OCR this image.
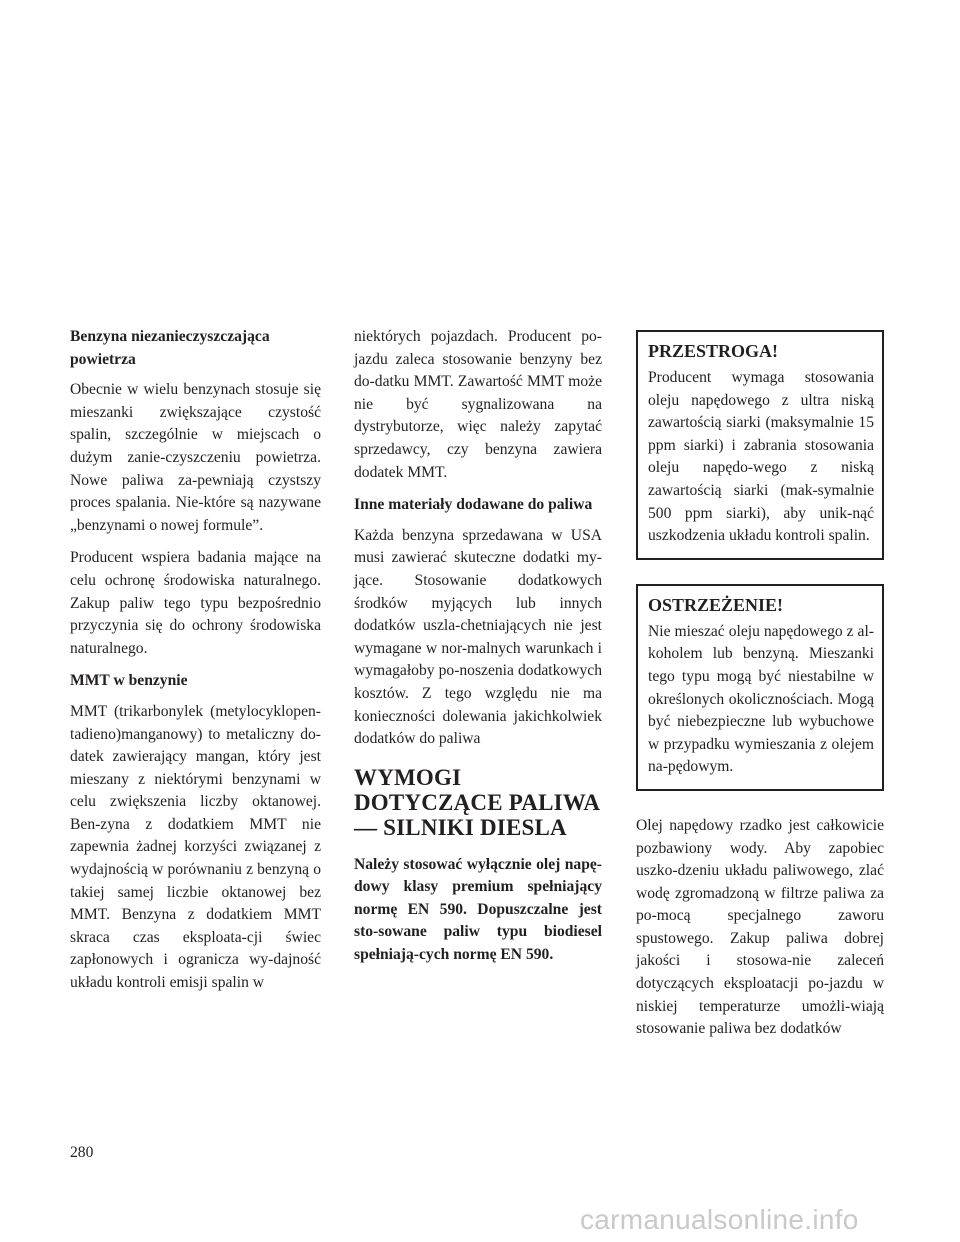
Benzyna niezanieczyszczająca powietrza

Obecnie w wielu benzynach stosuje się mieszanki zwiększające czystość spalin, szczególnie w miejscach o dużym zanie-czyszczeniu powietrza. Nowe paliwa za-pewniają czystszy proces spalania. Nie-które są nazywane „benzynami o nowej formule”.

Producent wspiera badania mające na celu ochronę środowiska naturalnego. Zakup paliw tego typu bezpośrednio przyczynia się do ochrony środowiska naturalnego.

MMT w benzynie

MMT (trikarbonylek (metylocyklopen-tadieno)manganowy) to metaliczny do-datek zawierający mangan, który jest mieszany z niektórymi benzynami w celu zwiększenia liczby oktanowej. Ben-zyna z dodatkiem MMT nie zapewnia żadnej korzyści związanej z wydajnością w porównaniu z benzyną o takiej samej liczbie oktanowej bez MMT. Benzyna z dodatkiem MMT skraca czas eksploata-cji świec zapłonowych i ogranicza wy-dajność układu kontroli emisji spalin w

niektórych pojazdach. Producent po-jazdu zaleca stosowanie benzyny bez do-datku MMT. Zawartość MMT może nie być sygnalizowana na dystrybutorze, więc należy zapytać sprzedawcy, czy benzyna zawiera dodatek MMT.

Inne materiały dodawane do paliwa

Każda benzyna sprzedawana w USA musi zawierać skuteczne dodatki my-jące. Stosowanie dodatkowych środków myjących lub innych dodatków uszla-chetniających nie jest wymagane w nor-malnych warunkach i wymagałoby po-noszenia dodatkowych kosztów. Z tego względu nie ma konieczności dolewania jakichkolwiek dodatków do paliwa

WYMOGI DOTYCZĄCE PALIWA — SILNIKI DIESLA

Należy stosować wyłącznie olej napę-dowy klasy premium spełniający normę EN 590. Dopuszczalne jest sto-sowane paliw typu biodiesel spełniają-cych normę EN 590.

PRZESTROGA!

Producent wymaga stosowania oleju napędowego z ultra niską zawartością siarki (maksymalnie 15 ppm siarki) i zabrania stosowania oleju napędo-wego z niską zawartością siarki (mak-symalnie 500 ppm siarki), aby unik-nąć uszkodzenia układu kontroli spalin.

OSTRZEŻENIE!

Nie mieszać oleju napędowego z al-koholem lub benzyną. Mieszanki tego typu mogą być niestabilne w określonych okolicznościach. Mogą być niebezpieczne lub wybuchowe w przypadku wymieszania z olejem na-pędowym.

Olej napędowy rzadko jest całkowicie pozbawiony wody. Aby zapobiec uszko-dzeniu układu paliwowego, zlać wodę zgromadzoną w filtrze paliwa za po-mocą specjalnego zaworu spustowego. Zakup paliwa dobrej jakości i stosowa-nie zaleceń dotyczących eksploatacji po-jazdu w niskiej temperaturze umożli-wiają stosowanie paliwa bez dodatków

280
carmanualsonline.info
